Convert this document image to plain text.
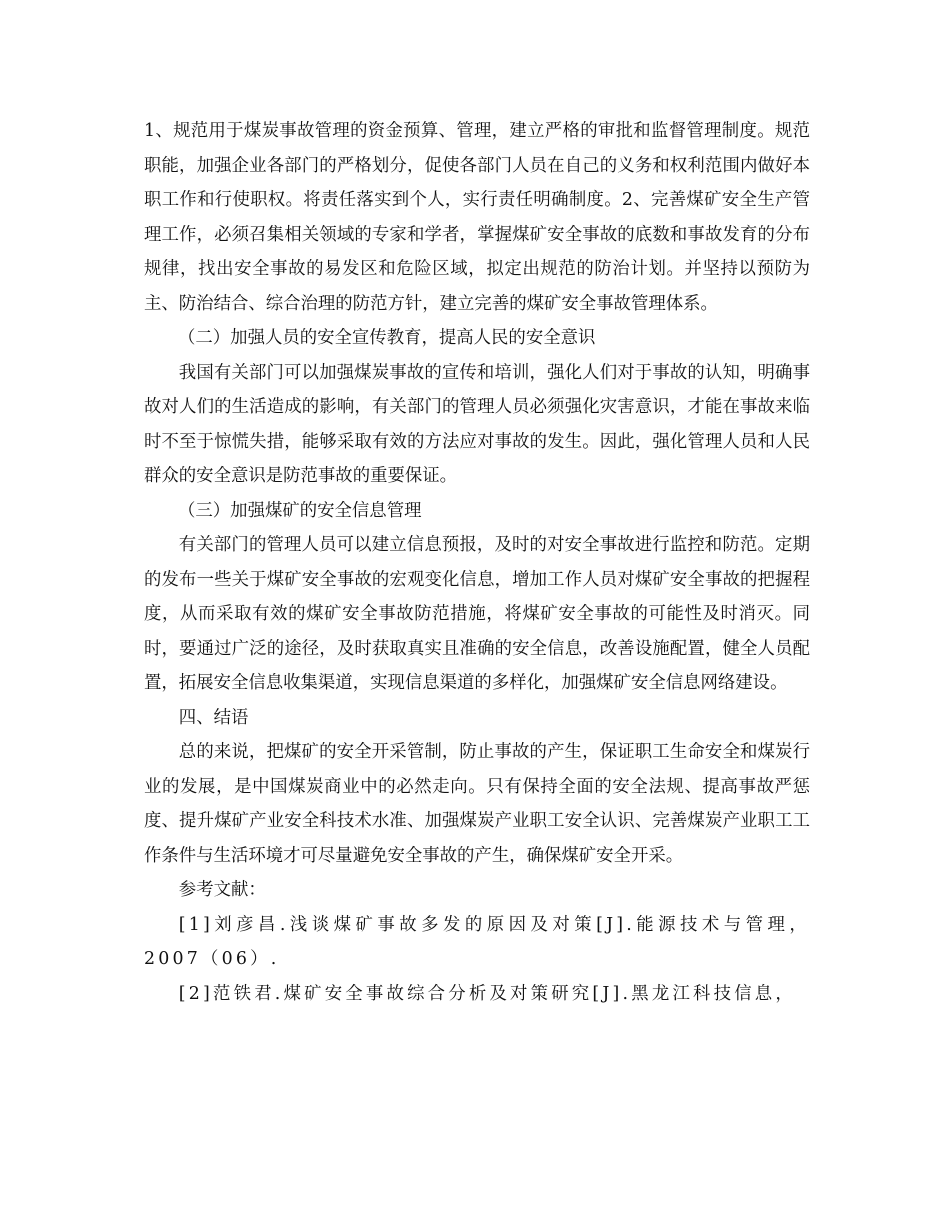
1、规范用于煤炭事故管理的资金预算、管理，建立严格的审批和监督管理制度。规范职能，加强企业各部门的严格划分，促使各部门人员在自己的义务和权利范围内做好本职工作和行使职权。将责任落实到个人，实行责任明确制度。2、完善煤矿安全生产管理工作，必须召集相关领域的专家和学者，掌握煤矿安全事故的底数和事故发育的分布规律，找出安全事故的易发区和危险区域，拟定出规范的防治计划。并坚持以预防为主、防治结合、综合治理的防范方针，建立完善的煤矿安全事故管理体系。

（二）加强人员的安全宣传教育，提高人民的安全意识

我国有关部门可以加强煤炭事故的宣传和培训，强化人们对于事故的认知，明确事故对人们的生活造成的影响，有关部门的管理人员必须强化灾害意识，才能在事故来临时不至于惊慌失措，能够采取有效的方法应对事故的发生。因此，强化管理人员和人民群众的安全意识是防范事故的重要保证。

（三）加强煤矿的安全信息管理

有关部门的管理人员可以建立信息预报，及时的对安全事故进行监控和防范。定期的发布一些关于煤矿安全事故的宏观变化信息，增加工作人员对煤矿安全事故的把握程度，从而采取有效的煤矿安全事故防范措施，将煤矿安全事故的可能性及时消灭。同时，要通过广泛的途径，及时获取真实且准确的安全信息，改善设施配置，健全人员配置，拓展安全信息收集渠道，实现信息渠道的多样化，加强煤矿安全信息网络建设。

四、结语

总的来说，把煤矿的安全开采管制，防止事故的产生，保证职工生命安全和煤炭行业的发展，是中国煤炭商业中的必然走向。只有保持全面的安全法规、提高事故严惩度、提升煤矿产业安全科技术水准、加强煤炭产业职工安全认识、完善煤炭产业职工工作条件与生活环境才可尽量避免安全事故的产生，确保煤矿安全开采。

参考文献：

[1]刘彦昌.浅谈煤矿事故多发的原因及对策[J].能源技术与管理，2007（06）.

[2]范铁君.煤矿安全事故综合分析及对策研究[J].黑龙江科技信息，
